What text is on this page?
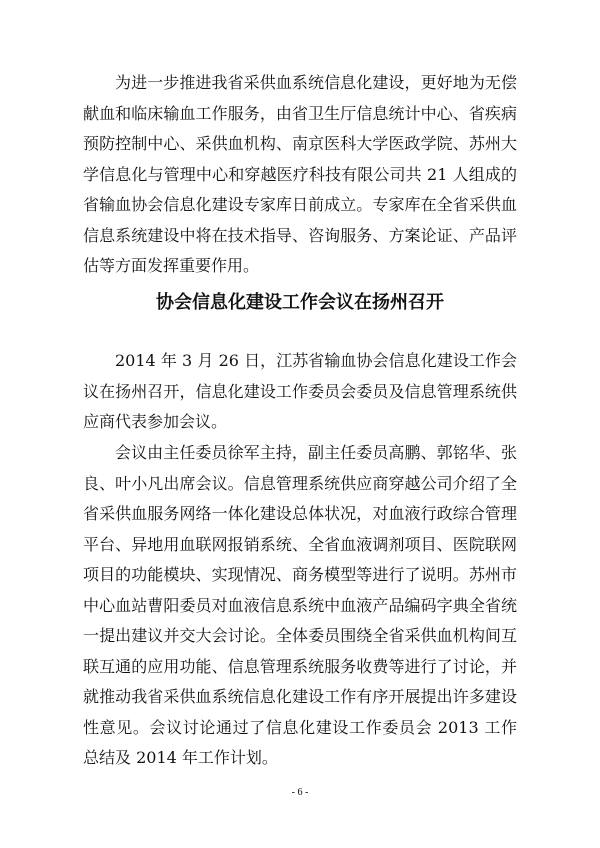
为进一步推进我省采供血系统信息化建设，更好地为无偿献血和临床输血工作服务，由省卫生厅信息统计中心、省疾病预防控制中心、采供血机构、南京医科大学医政学院、苏州大学信息化与管理中心和穿越医疗科技有限公司共 21 人组成的省输血协会信息化建设专家库日前成立。专家库在全省采供血信息系统建设中将在技术指导、咨询服务、方案论证、产品评估等方面发挥重要作用。

协会信息化建设工作会议在扬州召开

2014 年 3 月 26 日，江苏省输血协会信息化建设工作会议在扬州召开，信息化建设工作委员会委员及信息管理系统供应商代表参加会议。

会议由主任委员徐军主持，副主任委员高鹏、郭铭华、张良、叶小凡出席会议。信息管理系统供应商穿越公司介绍了全省采供血服务网络一体化建设总体状况，对血液行政综合管理平台、异地用血联网报销系统、全省血液调剂项目、医院联网项目的功能模块、实现情况、商务模型等进行了说明。苏州市中心血站曹阳委员对血液信息系统中血液产品编码字典全省统一提出建议并交大会讨论。全体委员围绕全省采供血机构间互联互通的应用功能、信息管理系统服务收费等进行了讨论，并就推动我省采供血系统信息化建设工作有序开展提出许多建设性意见。会议讨论通过了信息化建设工作委员会 2013 工作总结及 2014 年工作计划。

- 6 -
